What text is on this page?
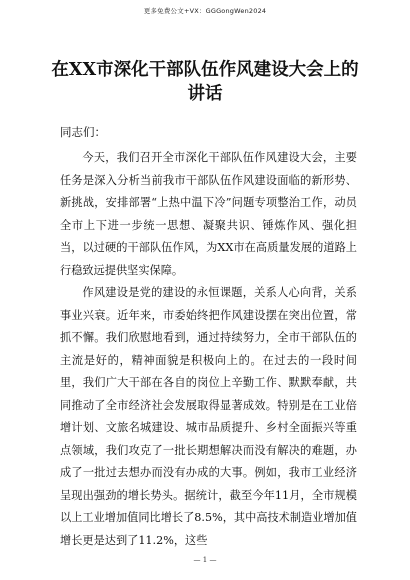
更多免费公文+VX：GGGongWen2024
在XX市深化干部队伍作风建设大会上的
讲话

同志们：

今天，我们召开全市深化干部队伍作风建设大会，主要任务是深入分析当前我市干部队伍作风建设面临的新形势、新挑战，安排部署“上热中温下冷”问题专项整治工作，动员全市上下进一步统一思想、凝聚共识、锤炼作风、强化担当，以过硬的干部队伍作风，为XX市在高质量发展的道路上行稳致远提供坚实保障。

作风建设是党的建设的永恒课题，关系人心向背，关系事业兴衰。近年来，市委始终把作风建设摆在突出位置，常抓不懈。我们欣慰地看到，通过持续努力，全市干部队伍的主流是好的，精神面貌是积极向上的。在过去的一段时间里，我们广大干部在各自的岗位上辛勤工作、默默奉献，共同推动了全市经济社会发展取得显著成效。特别是在工业倍增计划、文旅名城建设、城市品质提升、乡村全面振兴等重点领域，我们攻克了一批长期想解决而没有解决的难题，办成了一批过去想办而没有办成的大事。例如，我市工业经济呈现出强劲的增长势头。据统计，截至今年11月，全市规模以上工业增加值同比增长了8.5%，其中高技术制造业增加值增长更是达到了11.2%，这些

— 1 —
